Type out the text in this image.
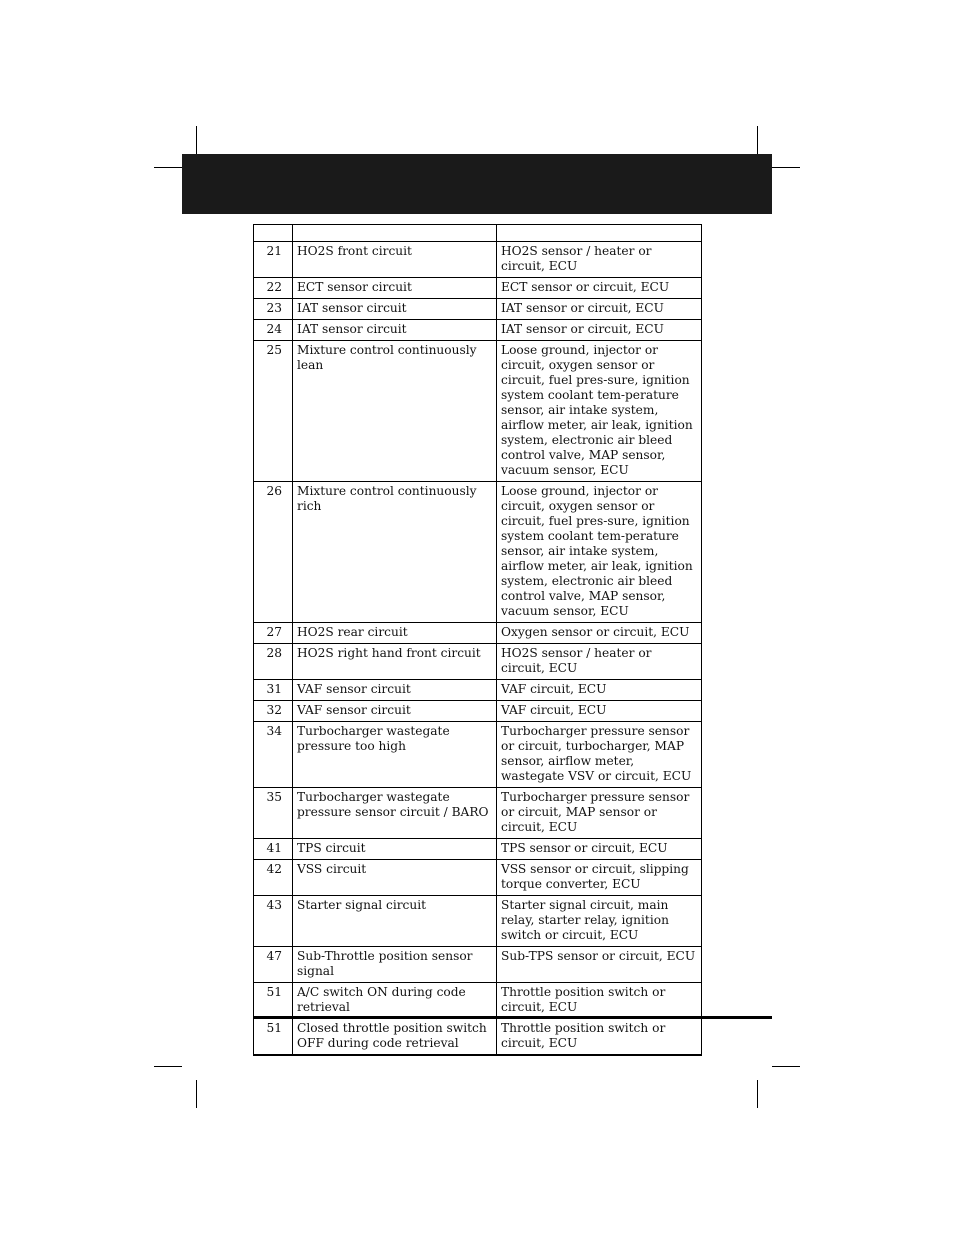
21	HO2S front circuit	HO2S sensor / heater or circuit, ECU
22	ECT sensor circuit	ECT sensor or circuit, ECU
23	IAT sensor circuit	IAT sensor or circuit, ECU
24	IAT sensor circuit	IAT sensor or circuit, ECU
25	Mixture control continuously lean	Loose ground, injector or circuit, oxygen sensor or circuit, fuel pres-sure, ignition system coolant tem-perature sensor, air intake system, airflow meter, air leak, ignition system, electronic air bleed control valve, MAP sensor, vacuum sensor, ECU
26	Mixture control continuously rich	Loose ground, injector or circuit, oxygen sensor or circuit, fuel pres-sure, ignition system coolant tem-perature sensor, air intake system, airflow meter, air leak, ignition system, electronic air bleed control valve, MAP sensor, vacuum sensor, ECU
27	HO2S rear circuit	Oxygen sensor or circuit, ECU
28	HO2S right hand front circuit	HO2S sensor / heater or circuit, ECU
31	VAF sensor circuit	VAF circuit, ECU
32	VAF sensor circuit	VAF circuit, ECU
34	Turbocharger wastegate pressure too high	Turbocharger pressure sensor or circuit, turbocharger, MAP sensor, airflow meter, wastegate VSV or circuit, ECU
35	Turbocharger wastegate pressure sensor circuit / BARO	Turbocharger pressure sensor or circuit, MAP sensor or circuit, ECU
41	TPS circuit	TPS sensor or circuit, ECU
42	VSS circuit	VSS sensor or circuit, slipping torque converter, ECU
43	Starter signal circuit	Starter signal circuit, main relay, starter relay, ignition switch or circuit, ECU
47	Sub-Throttle position sensor signal	Sub-TPS sensor or circuit, ECU
51	A/C switch ON during code retrieval	Throttle position switch or circuit, ECU
51	Closed throttle position switch OFF during code retrieval	Throttle position switch or circuit, ECU
